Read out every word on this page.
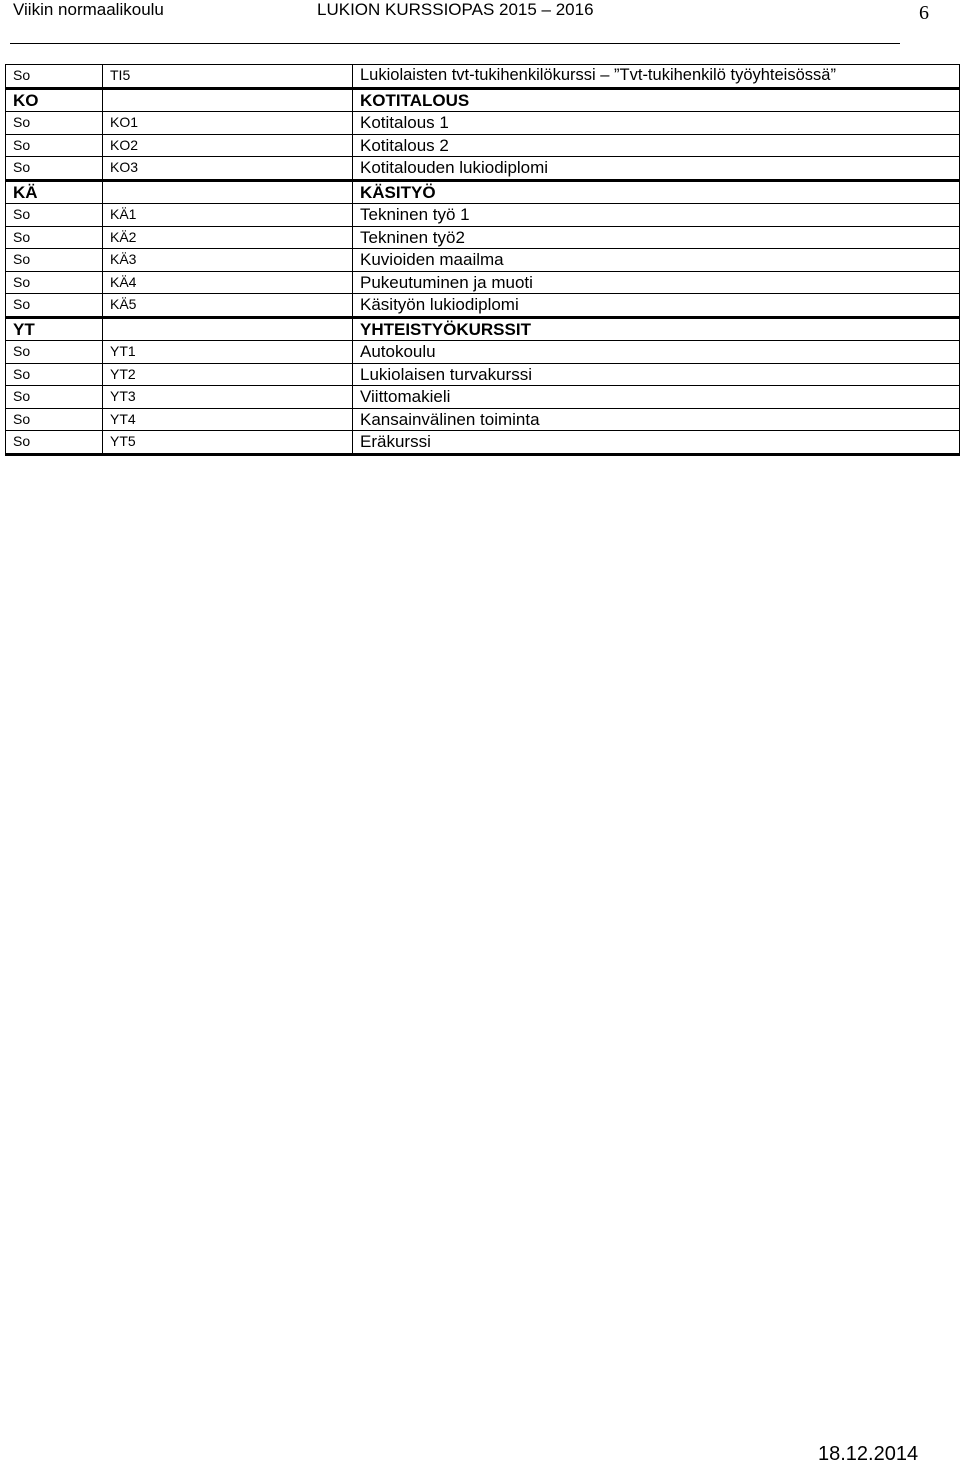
Viikin normaalikoulu	LUKION KURSSIOPAS 2015 – 2016	6
So	TI5	Lukiolaisten tvt-tukihenkilökurssi – ”Tvt-tukihenkilö työyhteisössä”
KO		KOTITALOUS
So	KO1	Kotitalous 1
So	KO2	Kotitalous 2
So	KO3	Kotitalouden lukiodiplomi
KÄ		KÄSITYÖ
So	KÄ1	Tekninen työ 1
So	KÄ2	Tekninen työ2
So	KÄ3	Kuvioiden maailma
So	KÄ4	Pukeutuminen ja muoti
So	KÄ5	Käsityön lukiodiplomi
YT		YHTEISTYÖKURSSIT
So	YT1	Autokoulu
So	YT2	Lukiolaisen turvakurssi
So	YT3	Viittomakieli
So	YT4	Kansainvälinen toiminta
So	YT5	Eräkurssi
18.12.2014
